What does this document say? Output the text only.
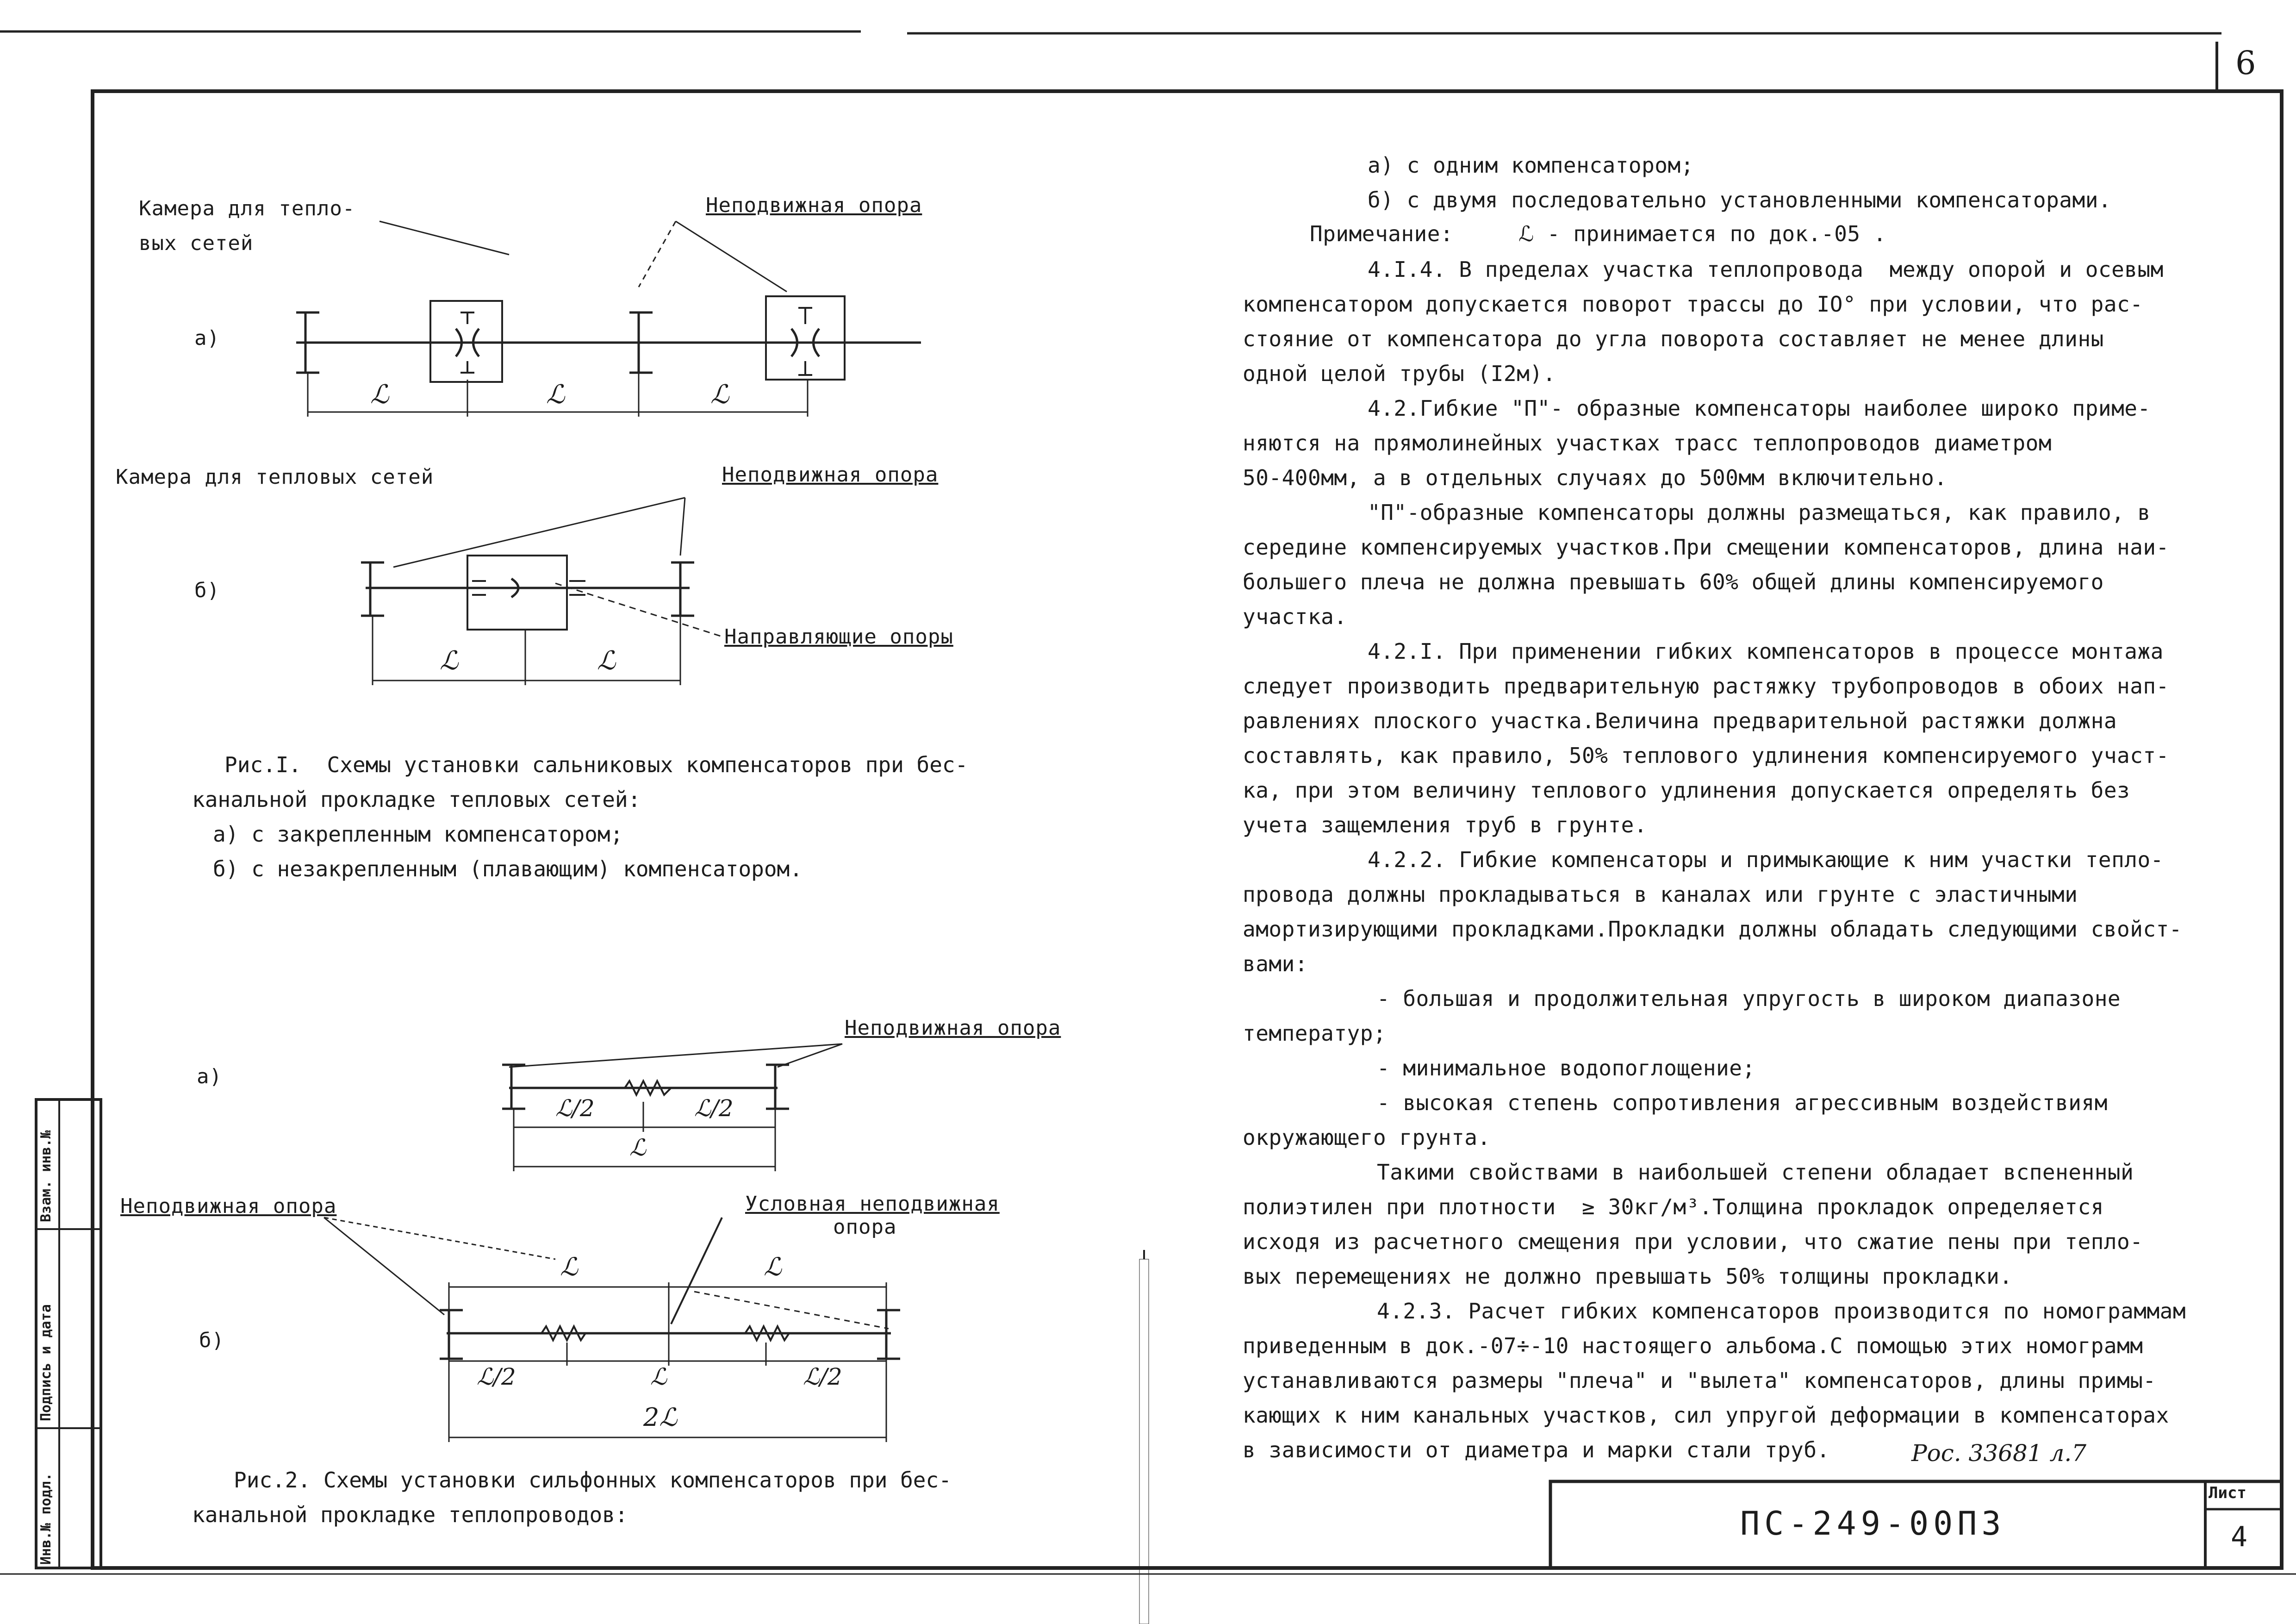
6
Лист
4
ПС-249-00П3
Рос. 33681 л.7
Инв.№ подл.
Подпись и дата
Взам. инв.№
Камера для тепло-
вых сетей
Неподвижная опора
а)
ℒ	ℒ	ℒ
Камера для тепловых сетей	Неподвижная опора
б)
Направляющие опоры
ℒ	ℒ
Рис.I.  Схемы установки сальниковых компенсаторов при бес-
канальной прокладке тепловых сетей:
а) с закрепленным компенсатором;
б) с незакрепленным (плавающим) компенсатором.
Неподвижная опора
а)
ℒ/2	ℒ/2
ℒ
Неподвижная опора	Условная неподвижная
опора
б)
ℒ	ℒ
ℒ/2	ℒ	ℒ/2
2ℒ
Рис.2. Схемы установки сильфонных компенсаторов при бес-
канальной прокладке теплопроводов:
а) с одним компенсатором;
б) с двумя последовательно установленными компенсаторами.
Примечание:     ℒ - принимается по док.-05 .
4.I.4. В пределах участка теплопровода  между опорой и осевым
компенсатором допускается поворот трассы до IO° при условии, что рас-
стояние от компенсатора до угла поворота составляет не менее длины
одной целой трубы (I2м).
4.2.Гибкие "П"- образные компенсаторы наиболее широко приме-
няются на прямолинейных участках трасс теплопроводов диаметром
50-400мм, а в отдельных случаях до 500мм включительно.
"П"-образные компенсаторы должны размещаться, как правило, в
середине компенсируемых участков.При смещении компенсаторов, длина наи-
большего плеча не должна превышать 60% общей длины компенсируемого
участка.
4.2.I. При применении гибких компенсаторов в процессе монтажа
следует производить предварительную растяжку трубопроводов в обоих нап-
равлениях плоского участка.Величина предварительной растяжки должна
составлять, как правило, 50% теплового удлинения компенсируемого участ-
ка, при этом величину теплового удлинения допускается определять без
учета защемления труб в грунте.
4.2.2. Гибкие компенсаторы и примыкающие к ним участки тепло-
провода должны прокладываться в каналах или грунте с эластичными
амортизирующими прокладками.Прокладки должны обладать следующими свойст-
вами:
- большая и продолжительная упругость в широком диапазоне
температур;
- минимальное водопоглощение;
- высокая степень сопротивления агрессивным воздействиям
окружающего грунта.
Такими свойствами в наибольшей степени обладает вспененный
полиэтилен при плотности  ≥ 30кг/м³.Толщина прокладок определяется
исходя из расчетного смещения при условии, что сжатие пены при тепло-
вых перемещениях не должно превышать 50% толщины прокладки.
4.2.3. Расчет гибких компенсаторов производится по номограммам
приведенным в док.-07÷-10 настоящего альбома.С помощью этих номограмм
устанавливаются размеры "плеча" и "вылета" компенсаторов, длины примы-
кающих к ним канальных участков, сил упругой деформации в компенсаторах
в зависимости от диаметра и марки стали труб.
